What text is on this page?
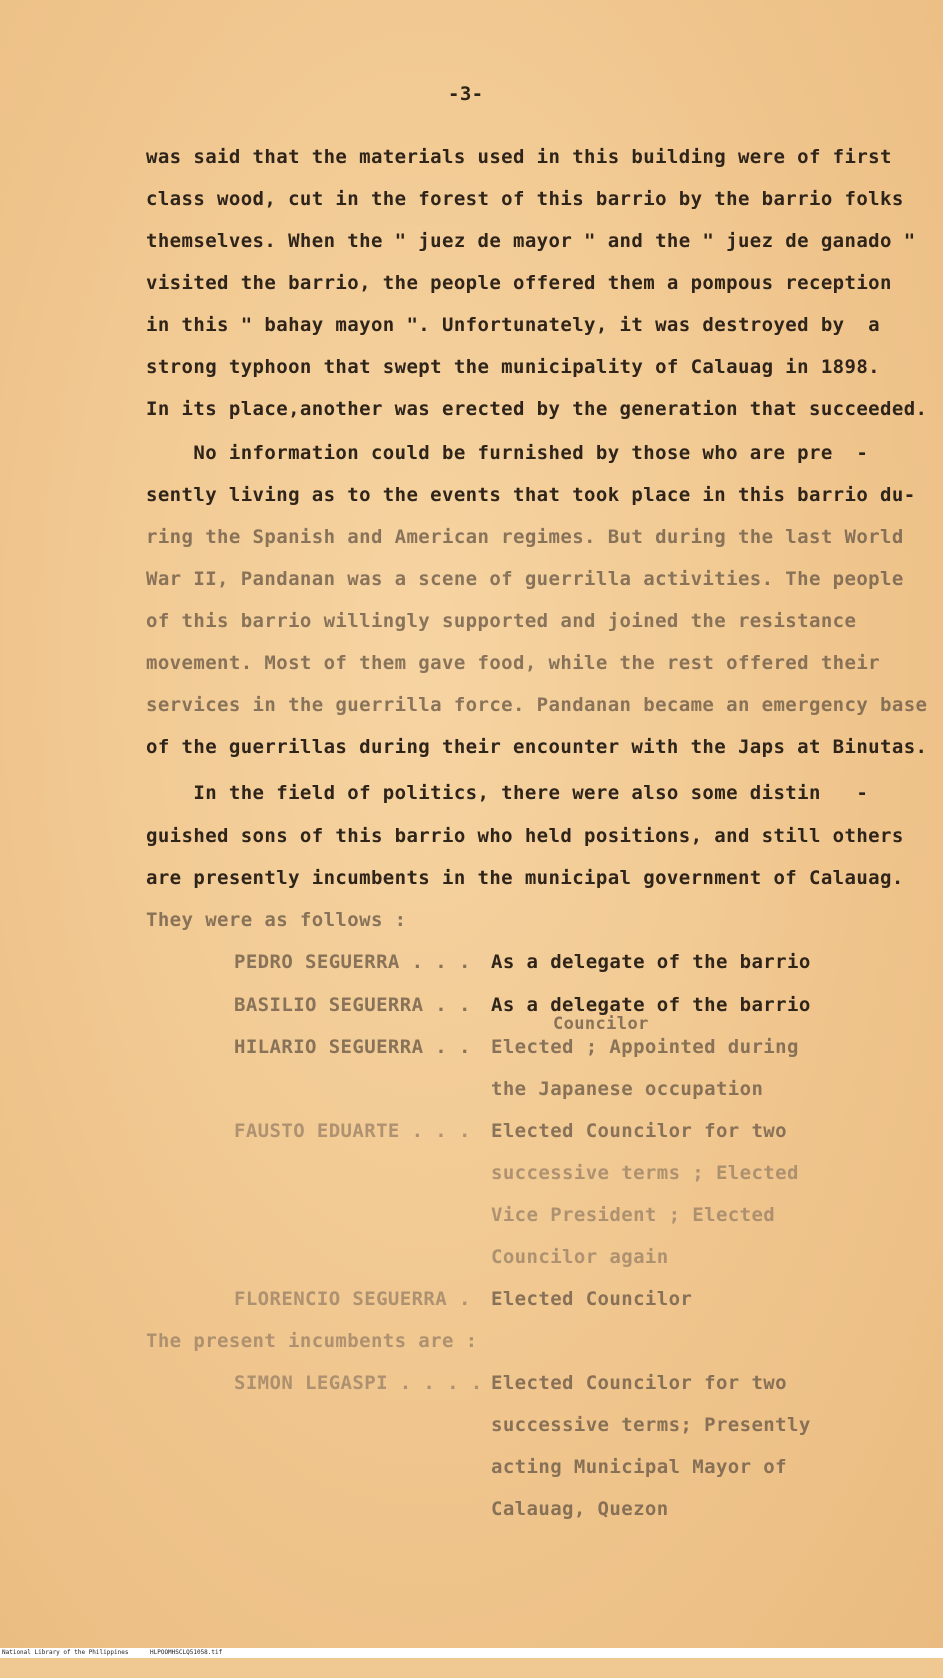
-3-
was said that the materials used in this building were of first
class wood, cut in the forest of this barrio by the barrio folks
themselves. When the " juez de mayor " and the " juez de ganado "
visited the barrio, the people offered them a pompous reception
in this " bahay mayon ". Unfortunately, it was destroyed by  a
strong typhoon that swept the municipality of Calauag in 1898.
In its place,another was erected by the generation that succeeded.
No information could be furnished by those who are pre  -
sently living as to the events that took place in this barrio du-
ring the Spanish and American regimes. But during the last World
War II, Pandanan was a scene of guerrilla activities. The people
of this barrio willingly supported and joined the resistance
movement. Most of them gave food, while the rest offered their
services in the guerrilla force. Pandanan became an emergency base
of the guerrillas during their encounter with the Japs at Binutas.
In the field of politics, there were also some distin   -
guished sons of this barrio who held positions, and still others
are presently incumbents in the municipal government of Calauag.
They were as follows :
PEDRO SEGUERRA . . . As a delegate of the barrio
BASILIO SEGUERRA . . As a delegate of the barrio
Councilor
HILARIO SEGUERRA . . Elected ; Appointed during
the Japanese occupation
FAUSTO EDUARTE . . . Elected Councilor for two
successive terms ; Elected
Vice President ; Elected
Councilor again
FLORENCIO SEGUERRA . Elected Councilor
The present incumbents are :
SIMON LEGASPI . . . . Elected Councilor for two
successive terms; Presently
acting Municipal Mayor of
Calauag, Quezon

National Library of the Philippines

	HLPOOMHSCLQ51058.tif
